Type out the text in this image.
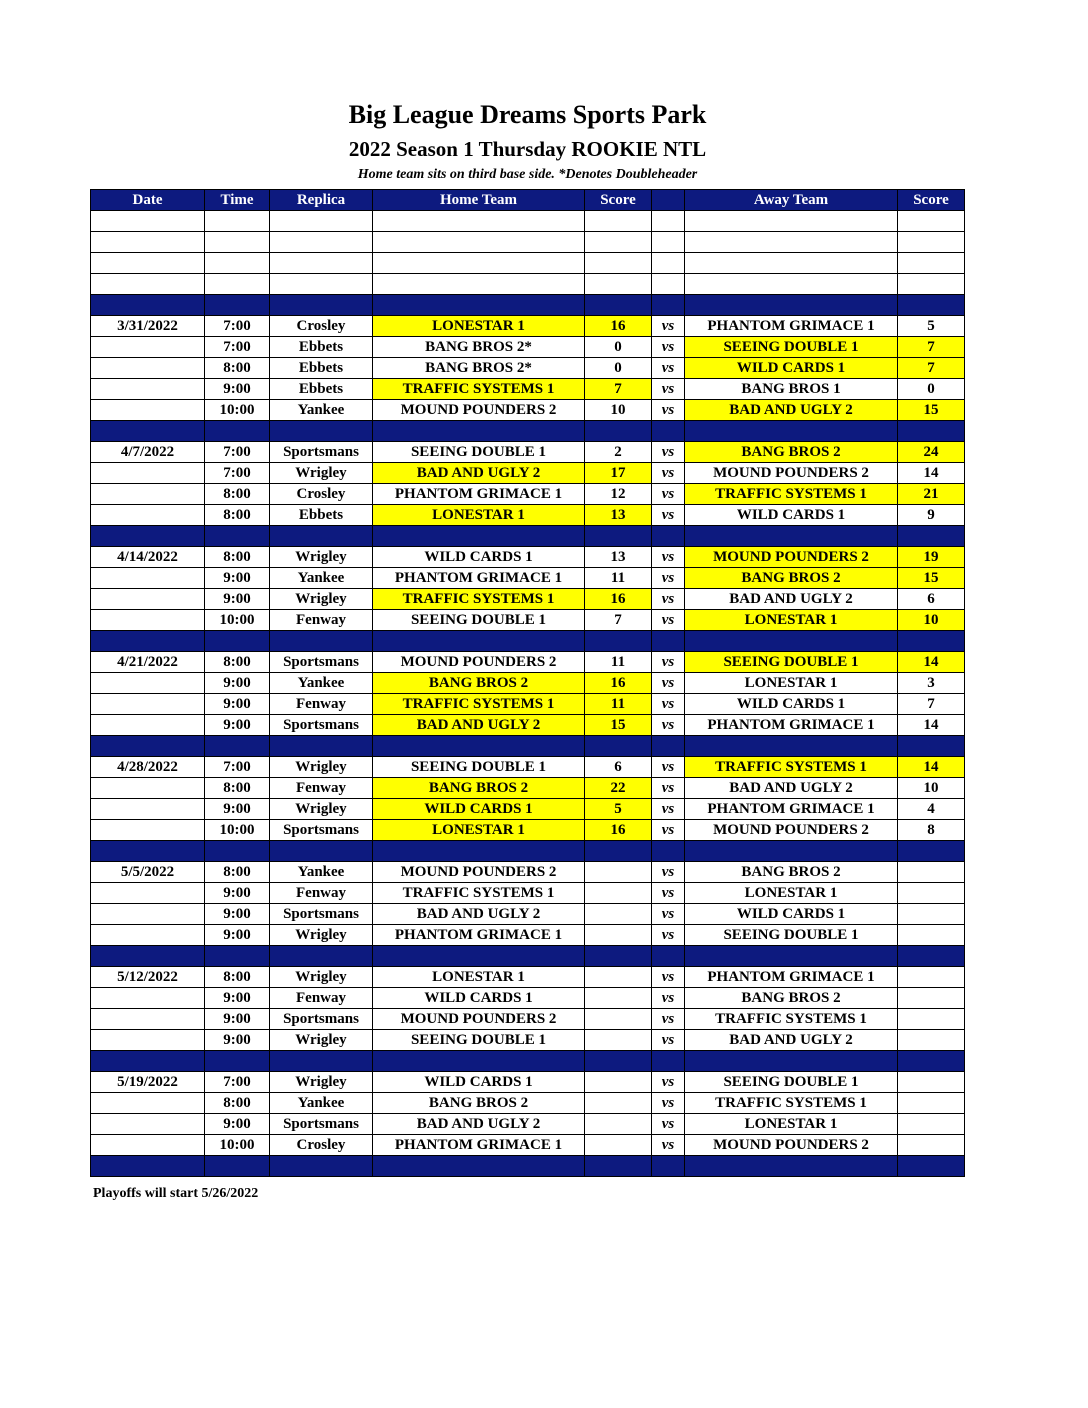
Big League Dreams Sports Park
2022 Season 1 Thursday ROOKIE NTL
Home team sits on third base side. *Denotes Doubleheader
Date	Time	Replica	Home Team	Score		Away Team	Score

3/31/2022	7:00	Crosley	LONESTAR 1	16	vs	PHANTOM GRIMACE 1	5
	7:00	Ebbets	BANG BROS 2*	0	vs	SEEING DOUBLE 1	7
	8:00	Ebbets	BANG BROS 2*	0	vs	WILD CARDS 1	7
	9:00	Ebbets	TRAFFIC SYSTEMS 1	7	vs	BANG BROS 1	0
	10:00	Yankee	MOUND POUNDERS 2	10	vs	BAD AND UGLY 2	15

4/7/2022	7:00	Sportsmans	SEEING DOUBLE 1	2	vs	BANG BROS 2	24
	7:00	Wrigley	BAD AND UGLY 2	17	vs	MOUND POUNDERS 2	14
	8:00	Crosley	PHANTOM GRIMACE 1	12	vs	TRAFFIC SYSTEMS 1	21
	8:00	Ebbets	LONESTAR 1	13	vs	WILD CARDS 1	9

4/14/2022	8:00	Wrigley	WILD CARDS 1	13	vs	MOUND POUNDERS 2	19
	9:00	Yankee	PHANTOM GRIMACE 1	11	vs	BANG BROS 2	15
	9:00	Wrigley	TRAFFIC SYSTEMS 1	16	vs	BAD AND UGLY 2	6
	10:00	Fenway	SEEING DOUBLE 1	7	vs	LONESTAR 1	10

4/21/2022	8:00	Sportsmans	MOUND POUNDERS 2	11	vs	SEEING DOUBLE 1	14
	9:00	Yankee	BANG BROS 2	16	vs	LONESTAR 1	3
	9:00	Fenway	TRAFFIC SYSTEMS 1	11	vs	WILD CARDS 1	7
	9:00	Sportsmans	BAD AND UGLY 2	15	vs	PHANTOM GRIMACE 1	14

4/28/2022	7:00	Wrigley	SEEING DOUBLE 1	6	vs	TRAFFIC SYSTEMS 1	14
	8:00	Fenway	BANG BROS 2	22	vs	BAD AND UGLY 2	10
	9:00	Wrigley	WILD CARDS 1	5	vs	PHANTOM GRIMACE 1	4
	10:00	Sportsmans	LONESTAR 1	16	vs	MOUND POUNDERS 2	8

5/5/2022	8:00	Yankee	MOUND POUNDERS 2		vs	BANG BROS 2	
	9:00	Fenway	TRAFFIC SYSTEMS 1		vs	LONESTAR 1	
	9:00	Sportsmans	BAD AND UGLY 2		vs	WILD CARDS 1	
	9:00	Wrigley	PHANTOM GRIMACE 1		vs	SEEING DOUBLE 1	

5/12/2022	8:00	Wrigley	LONESTAR 1		vs	PHANTOM GRIMACE 1	
	9:00	Fenway	WILD CARDS 1		vs	BANG BROS 2	
	9:00	Sportsmans	MOUND POUNDERS 2		vs	TRAFFIC SYSTEMS 1	
	9:00	Wrigley	SEEING DOUBLE 1		vs	BAD AND UGLY 2	

5/19/2022	7:00	Wrigley	WILD CARDS 1		vs	SEEING DOUBLE 1	
	8:00	Yankee	BANG BROS 2		vs	TRAFFIC SYSTEMS 1	
	9:00	Sportsmans	BAD AND UGLY 2		vs	LONESTAR 1	
	10:00	Crosley	PHANTOM GRIMACE 1		vs	MOUND POUNDERS 2	

Playoffs will start 5/26/2022
